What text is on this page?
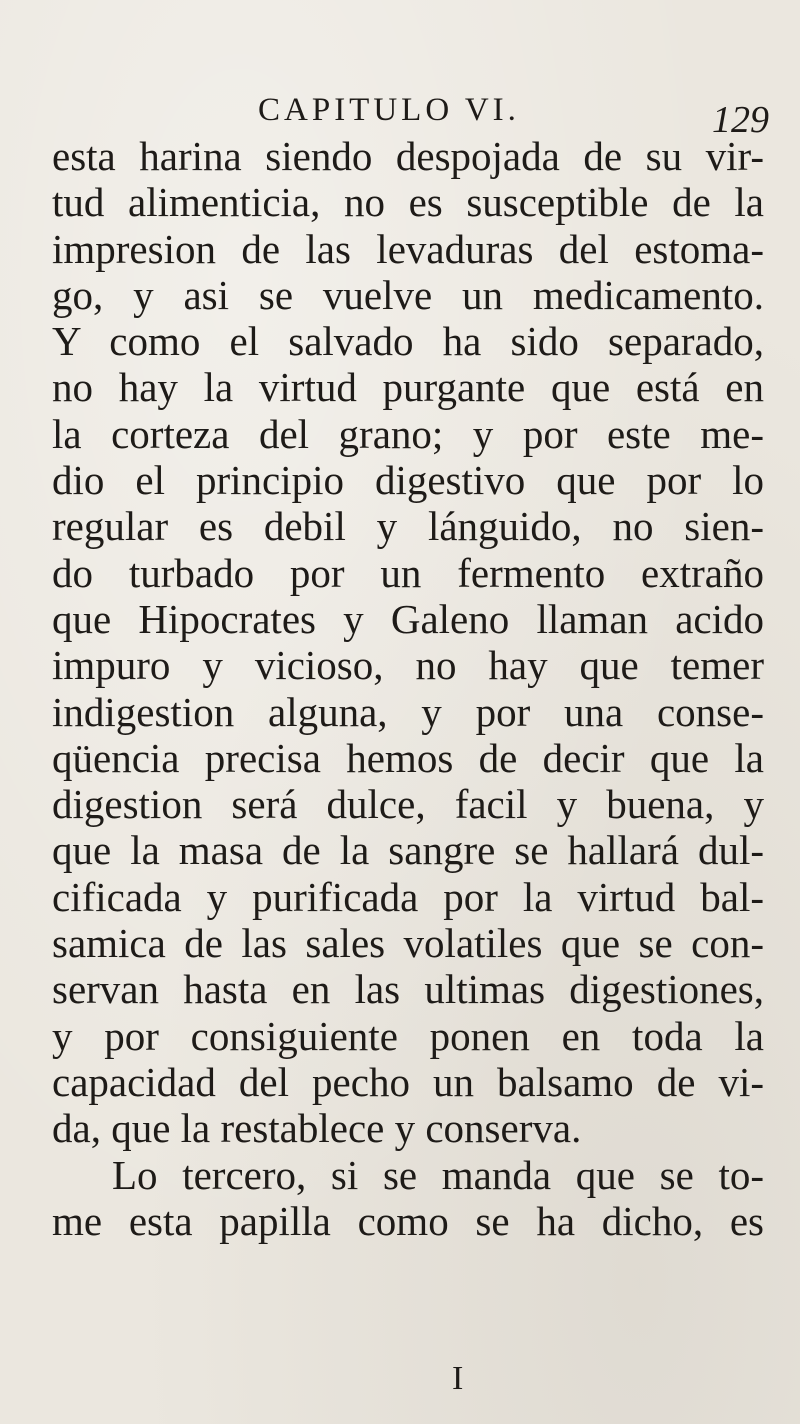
CAPITULO VI.	129
esta harina siendo despojada de su vir-
tud alimenticia, no es susceptible de la
impresion de las levaduras del estoma-
go, y asi se vuelve un medicamento.
Y como el salvado ha sido separado,
no hay la virtud purgante que está en
la corteza del grano; y por este me-
dio el principio digestivo que por lo
regular es debil y lánguido, no sien-
do turbado por un fermento extraño
que Hipocrates y Galeno llaman acido
impuro y vicioso, no hay que temer
indigestion alguna, y por una conse-
qüencia precisa hemos de decir que la
digestion será dulce, facil y buena, y
que la masa de la sangre se hallará dul-
cificada y purificada por la virtud bal-
samica de las sales volatiles que se con-
servan hasta en las ultimas digestiones,
y por consiguiente ponen en toda la
capacidad del pecho un balsamo de vi-
da, que la restablece y conserva.
Lo tercero, si se manda que se to-
me esta papilla como se ha dicho, es
I
